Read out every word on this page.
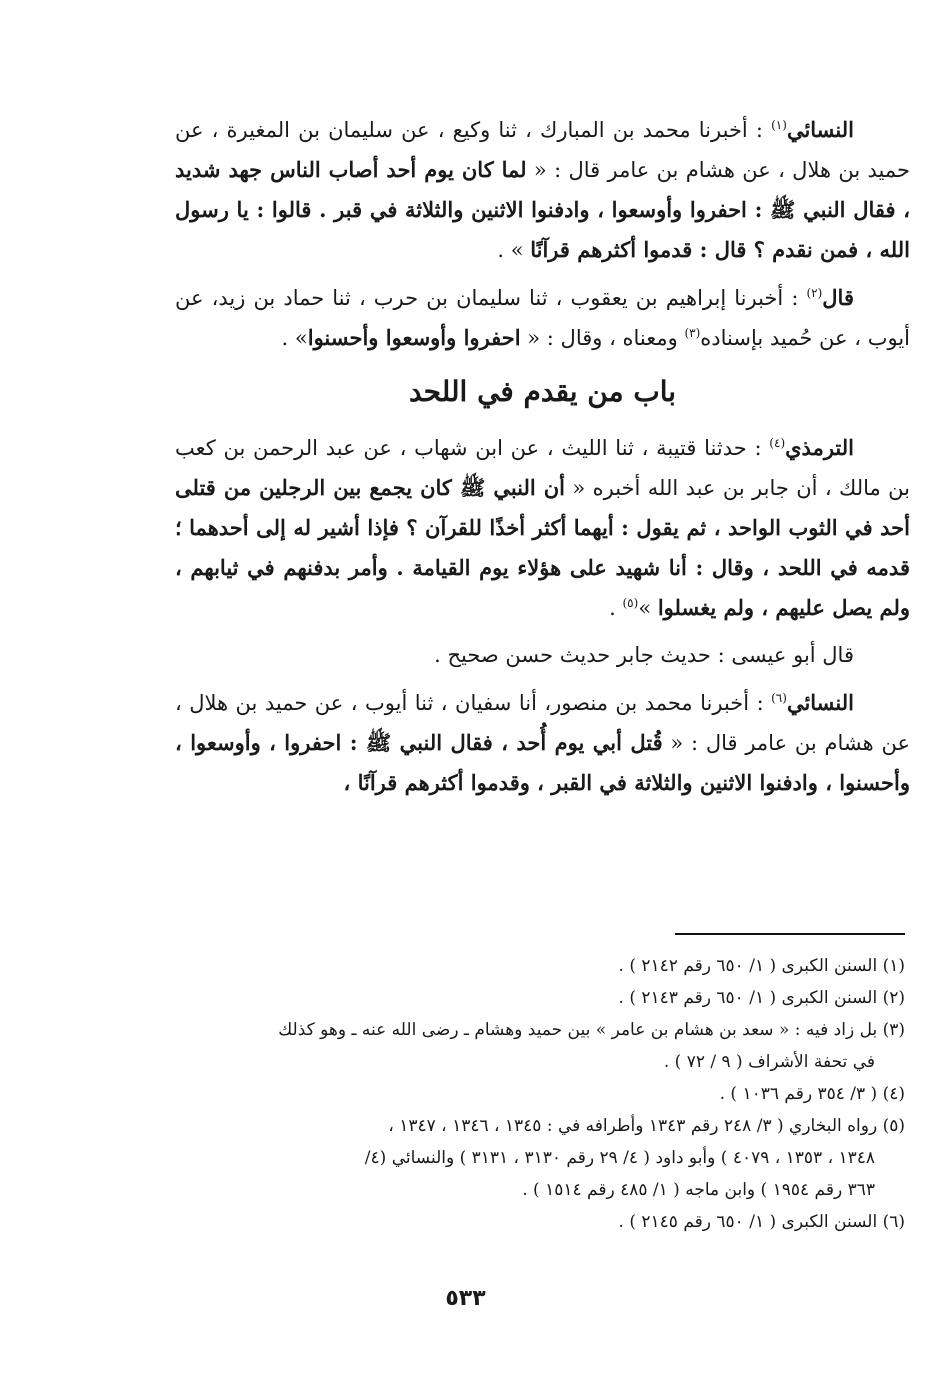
النسائي$^{(١)}$ : أخبرنا محمد بن المبارك ، ثنا وكيع ، عن سليمان بن المغيرة ، عن حميد بن هلال ، عن هشام بن عامر قال : « لما كان يوم أحد أصاب الناس جهد شديد ، فقال النبي ﷺ : احفروا وأوسعوا ، وادفنوا الاثنين والثلاثة في قبر . قالوا : يا رسول الله ، فمن نقدم ؟ قال : قدموا أكثرهم قرآنًا » .

قال$^{(٢)}$ : أخبرنا إبراهيم بن يعقوب ، ثنا سليمان بن حرب ، ثنا حماد بن زيد، عن أيوب ، عن حُميد بإسناده$^{(٣)}$ ومعناه ، وقال : « احفروا وأوسعوا وأحسنوا» .

باب من يقدم في اللحد

الترمذي$^{(٤)}$ : حدثنا قتيبة ، ثنا الليث ، عن ابن شهاب ، عن عبد الرحمن بن كعب بن مالك ، أن جابر بن عبد الله أخبره « أن النبي ﷺ كان يجمع بين الرجلين من قتلى أحد في الثوب الواحد ، ثم يقول : أيهما أكثر أخذًا للقرآن ؟ فإذا أشير له إلى أحدهما ؛ قدمه في اللحد ، وقال : أنا شهيد على هؤلاء يوم القيامة . وأمر بدفنهم في ثيابهم ، ولم يصل عليهم ، ولم يغسلوا »$^{(٥)}$ .

قال أبو عيسى : حديث جابر حديث حسن صحيح .

النسائي$^{(٦)}$ : أخبرنا محمد بن منصور، أنا سفيان ، ثنا أيوب ، عن حميد بن هلال ، عن هشام بن عامر قال : « قُتل أبي يوم أُحد ، فقال النبي ﷺ : احفروا ، وأوسعوا ، وأحسنوا ، وادفنوا الاثنين والثلاثة في القبر ، وقدموا أكثرهم قرآنًا ،

(١) السنن الكبرى ( ١/ ٦٥٠ رقم ٢١٤٢ ) .

(٢) السنن الكبرى ( ١/ ٦٥٠ رقم ٢١٤٣ ) .

(٣) بل زاد فيه : « سعد بن هشام بن عامر » بين حميد وهشام ـ رضى الله عنه ـ وهو كذلك
في تحفة الأشراف ( ٩ / ٧٢ ) .

(٤) ( ٣/ ٣٥٤ رقم ١٠٣٦ ) .

(٥) رواه البخاري ( ٣/ ٢٤٨ رقم ١٣٤٣ وأطرافه في : ١٣٤٥ ، ١٣٤٦ ، ١٣٤٧ ،
١٣٤٨ ، ١٣٥٣ ، ٤٠٧٩ ) وأبو داود ( ٤/ ٢٩ رقم ٣١٣٠ ، ٣١٣١ ) والنسائي (٤/
٣٦٣ رقم ١٩٥٤ ) وابن ماجه ( ١/ ٤٨٥ رقم ١٥١٤ ) .

(٦) السنن الكبرى ( ١/ ٦٥٠ رقم ٢١٤٥ ) .

٥٣٣
